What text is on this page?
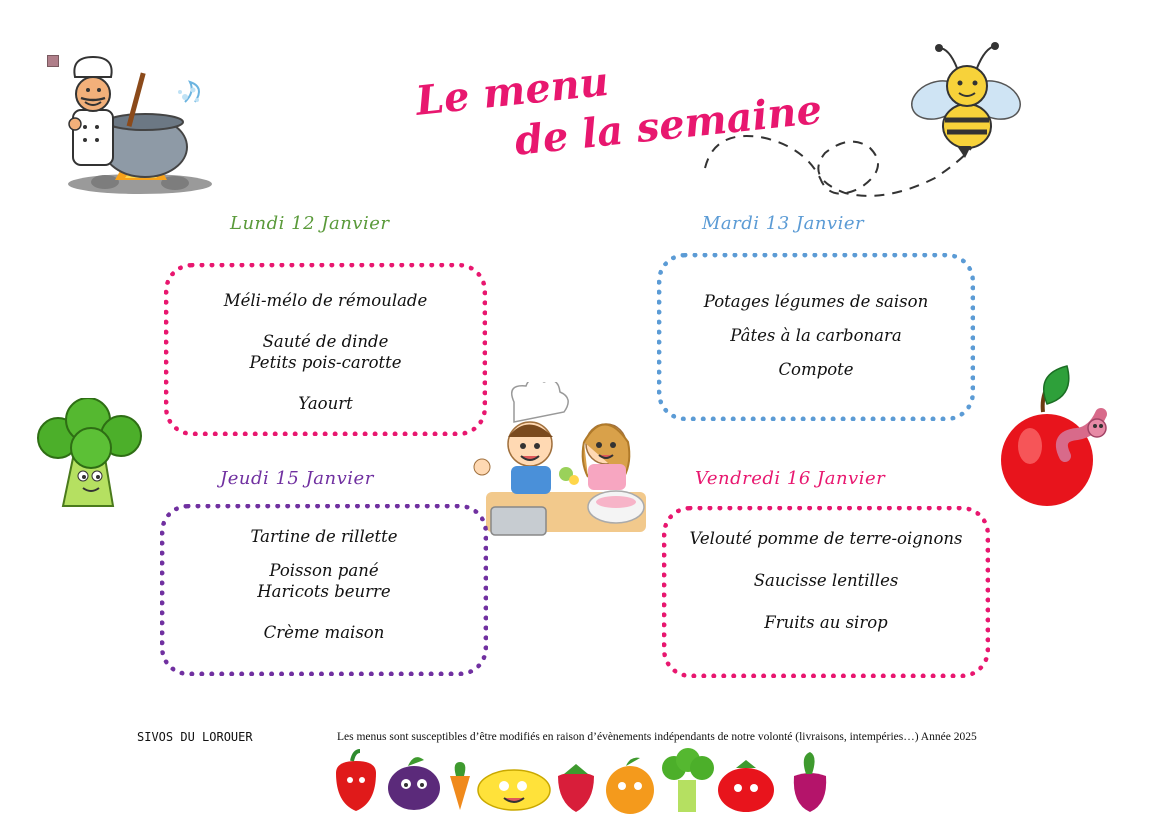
Le menu
de la semaine
Lundi 12 Janvier
Méli-mélo de rémoulade
Sauté de dinde
Petits pois-carotte
Yaourt
Mardi 13 Janvier
Potages légumes de saison
Pâtes à la carbonara
Compote
Jeudi 15 Janvier
Tartine de rillette
Poisson pané
Haricots beurre
Crème maison
Vendredi 16 Janvier
Velouté pomme de terre-oignons
Saucisse lentilles
Fruits au sirop
SIVOS DU LOROUER	Les menus sont susceptibles d’être modifiés en raison d’évènements indépendants de notre volonté (livraisons, intempéries…) Année 2025
